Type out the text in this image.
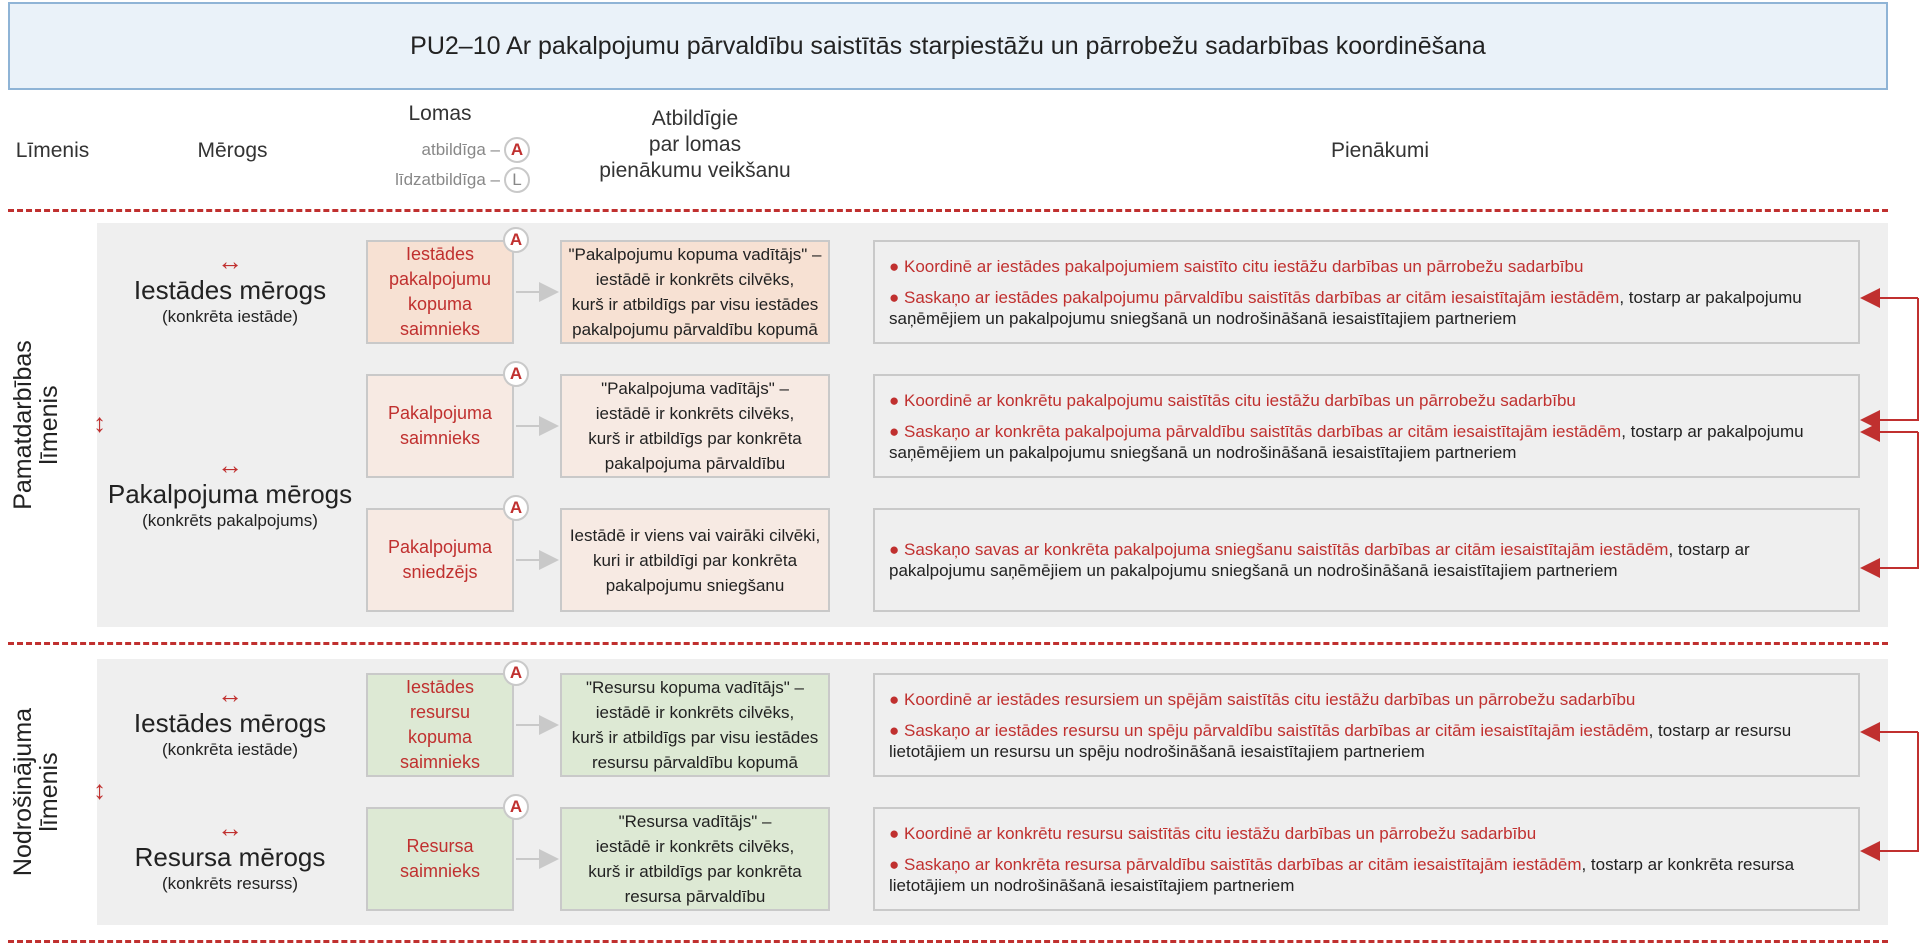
PU2–10 Ar pakalpojumu pārvaldību saistītās starpiestāžu un pārrobežu sadarbības koordinēšana
Līmenis	Mērogs
Lomas
atbildīga – A
līdzatbildīga – L
Atbildīgie
par lomas
pienākumu veikšanu
Pienākumi
Pamatdarbības
līmenis ↔
Nodrošinājuma
līmenis ↔
↔
Iestādes mērogs
(konkrēta iestāde)
↔
Pakalpojuma mērogs
(konkrēts pakalpojums)
↔
Iestādes mērogs
(konkrēta iestāde)
↔
Resursa mērogs
(konkrēts resurss)
Iestādes
pakalpojumu
kopuma
saimnieks
A
"Pakalpojumu kopuma vadītājs" –
iestādē ir konkrēts cilvēks,
kurš ir atbildīgs par visu iestādes
pakalpojumu pārvaldību kopumā
● Koordinē ar iestādes pakalpojumiem saistīto citu iestāžu darbības un pārrobežu sadarbību
● Saskaņo ar iestādes pakalpojumu pārvaldību saistītās darbības ar citām iesaistītajām iestādēm, tostarp ar pakalpojumu saņēmējiem un pakalpojumu sniegšanā un nodrošināšanā iesaistītajiem partneriem
Pakalpojuma
saimnieks
A
"Pakalpojuma vadītājs" –
iestādē ir konkrēts cilvēks,
kurš ir atbildīgs par konkrēta
pakalpojuma pārvaldību
● Koordinē ar konkrētu pakalpojumu saistītās citu iestāžu darbības un pārrobežu sadarbību
● Saskaņo ar konkrēta pakalpojuma pārvaldību saistītās darbības ar citām iesaistītajām iestādēm, tostarp ar pakalpojumu saņēmējiem un pakalpojumu sniegšanā un nodrošināšanā iesaistītajiem partneriem
Pakalpojuma
sniedzējs
A
Iestādē ir viens vai vairāki cilvēki,
kuri ir atbildīgi par konkrēta
pakalpojumu sniegšanu
● Saskaņo savas ar konkrēta pakalpojuma sniegšanu saistītās darbības ar citām iesaistītajām iestādēm, tostarp ar pakalpojumu saņēmējiem un pakalpojumu sniegšanā un nodrošināšanā iesaistītajiem partneriem
Iestādes
resursu
kopuma
saimnieks
A
"Resursu kopuma vadītājs" –
iestādē ir konkrēts cilvēks,
kurš ir atbildīgs par visu iestādes
resursu pārvaldību kopumā
● Koordinē ar iestādes resursiem un spējām saistītās citu iestāžu darbības un pārrobežu sadarbību
● Saskaņo ar iestādes resursu un spēju pārvaldību saistītās darbības ar citām iesaistītajām iestādēm, tostarp ar resursu lietotājiem un resursu un spēju nodrošināšanā iesaistītajiem partneriem
Resursa
saimnieks
A
"Resursa vadītājs" –
iestādē ir konkrēts cilvēks,
kurš ir atbildīgs par konkrēta
resursa pārvaldību
● Koordinē ar konkrētu resursu saistītās citu iestāžu darbības un pārrobežu sadarbību
● Saskaņo ar konkrēta resursa pārvaldību saistītās darbības ar citām iesaistītajām iestādēm, tostarp ar konkrēta resursa lietotājiem un nodrošināšanā iesaistītajiem partneriem
